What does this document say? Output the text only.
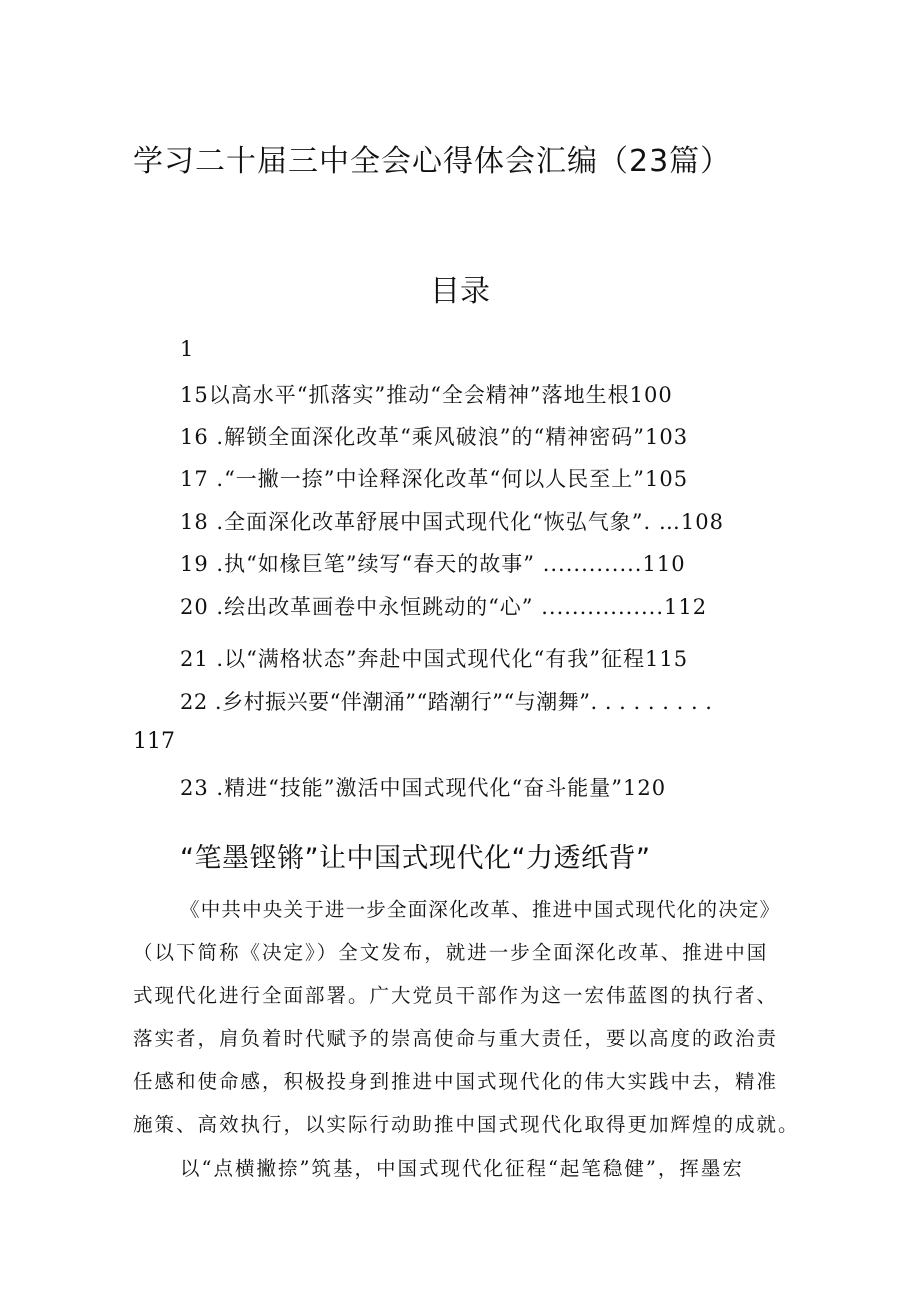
学习二十届三中全会心得体会汇编（23篇）
目录
1
15以高水平“抓落实”推动“全会精神”落地生根100
16 .解锁全面深化改革“乘风破浪”的“精神密码”103
17 .“一撇一捺”中诠释深化改革“何以人民至上”105
18 .全面深化改革舒展中国式现代化“恢弘气象”. …108
19 .执“如椽巨笔”续写“春天的故事” .............110
20 .绘出改革画卷中永恒跳动的“心” ................112
21 .以“满格状态”奔赴中国式现代化“有我”征程115
22 .乡村振兴要“伴潮涌”“踏潮行”“与潮舞”. . . . . . . . .
117
23 .精进“技能”激活中国式现代化“奋斗能量”120
“笔墨铿锵”让中国式现代化“力透纸背”
《中共中央关于进一步全面深化改革、推进中国式现代化的决定》
（以下简称《决定》）全文发布，就进一步全面深化改革、推进中国
式现代化进行全面部署。广大党员干部作为这一宏伟蓝图的执行者、
落实者，肩负着时代赋予的崇高使命与重大责任，要以高度的政治责
任感和使命感，积极投身到推进中国式现代化的伟大实践中去，精准
施策、高效执行，以实际行动助推中国式现代化取得更加辉煌的成就。
以“点横撇捺”筑基，中国式现代化征程“起笔稳健”，挥墨宏
